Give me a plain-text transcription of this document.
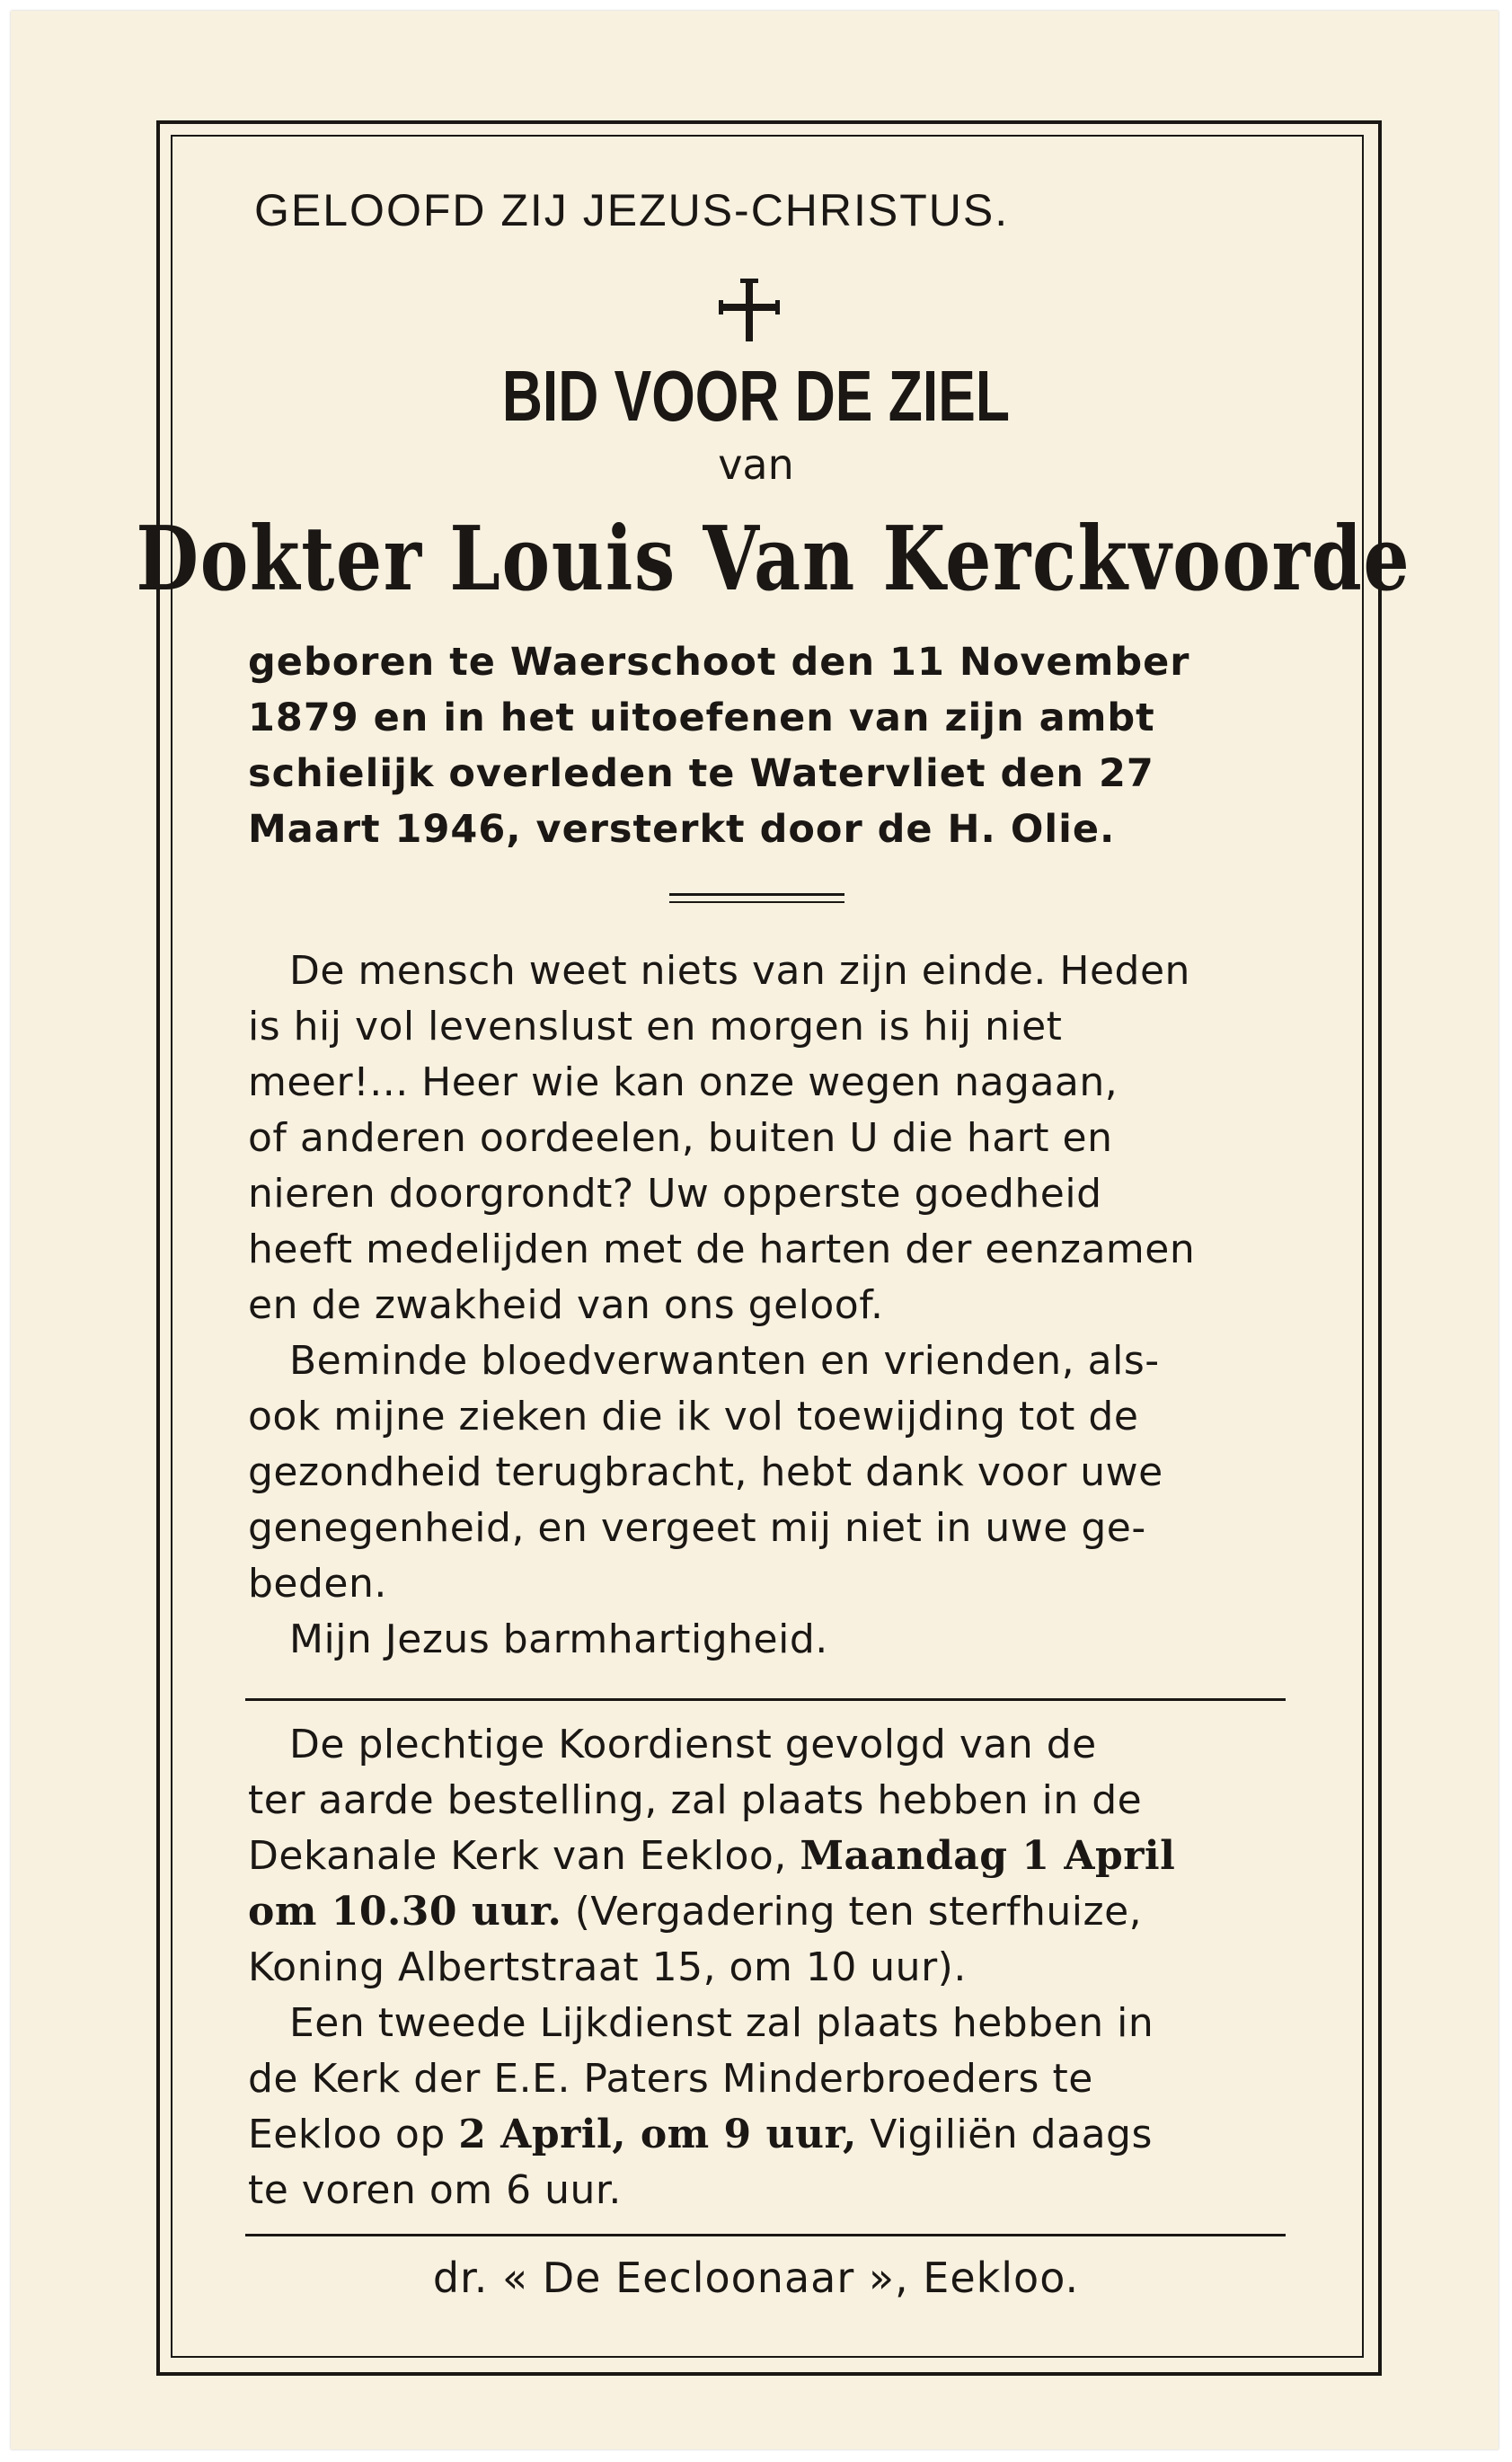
GELOOFD ZIJ JEZUS-CHRISTUS.
BID VOOR DE ZIEL
van
Dokter Louis Van Kerckvoorde
geboren te Waerschoot den 11 November
1879 en in het uitoefenen van zijn ambt
schielijk overleden te Watervliet den 27
Maart 1946, versterkt door de H. Olie.
De mensch weet niets van zijn einde. Heden
is hij vol levenslust en morgen is hij niet
meer!... Heer wie kan onze wegen nagaan,
of anderen oordeelen, buiten U die hart en
nieren doorgrondt? Uw opperste goedheid
heeft medelijden met de harten der eenzamen
en de zwakheid van ons geloof.
Beminde bloedverwanten en vrienden, als-
ook mijne zieken die ik vol toewijding tot de
gezondheid terugbracht, hebt dank voor uwe
genegenheid, en vergeet mij niet in uwe ge-
beden.
Mijn Jezus barmhartigheid.
De plechtige Koordienst gevolgd van de
ter aarde bestelling, zal plaats hebben in de
Dekanale Kerk van Eekloo, Maandag 1 April
om 10.30 uur. (Vergadering ten sterfhuize,
Koning Albertstraat 15, om 10 uur).
Een tweede Lijkdienst zal plaats hebben in
de Kerk der E.E. Paters Minderbroeders te
Eekloo op 2 April, om 9 uur, Vigiliën daags
te voren om 6 uur.
dr. « De Eecloonaar », Eekloo.
